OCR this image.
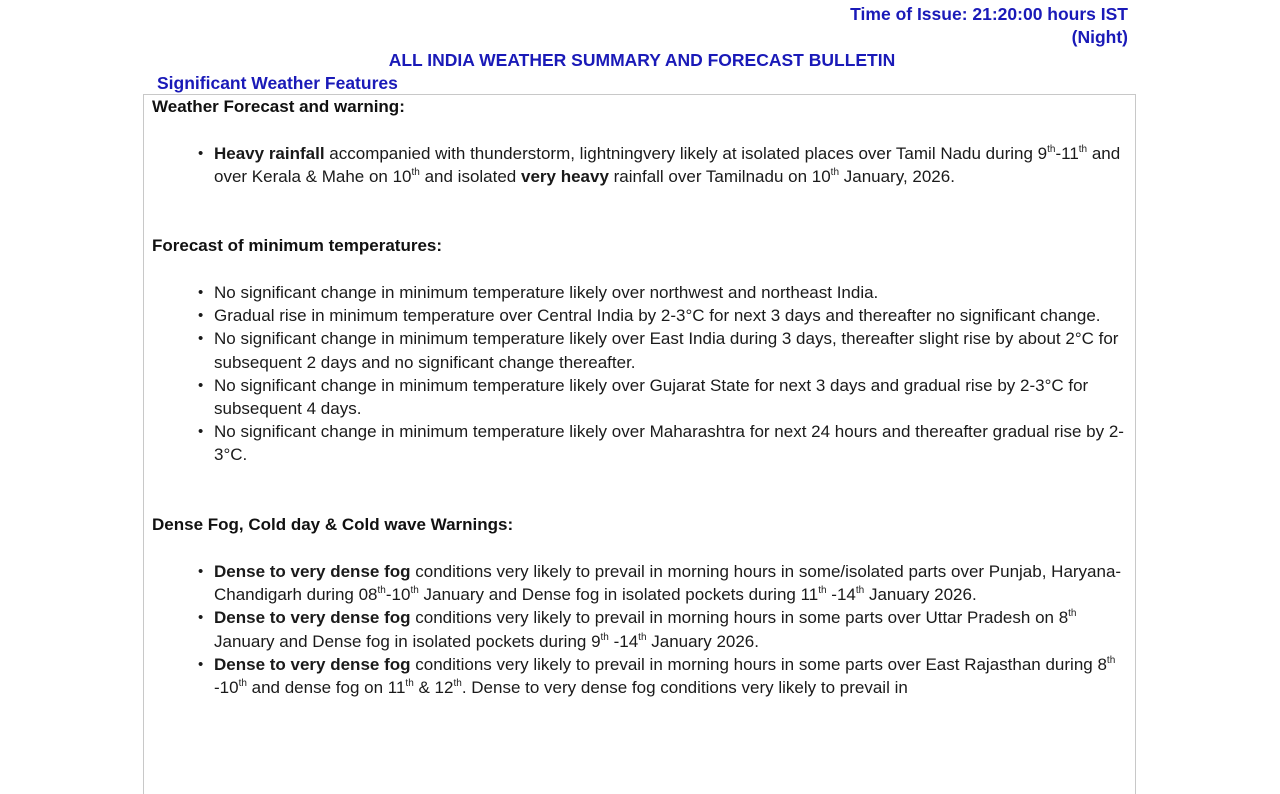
Time of Issue: 21:20:00 hours IST
(Night)
ALL INDIA WEATHER SUMMARY AND FORECAST BULLETIN
Significant Weather Features
Weather Forecast and warning:
• Heavy rainfall accompanied with thunderstorm, lightningvery likely at isolated places over Tamil Nadu during 9th-11th and over Kerala & Mahe on 10th and isolated very heavy rainfall over Tamilnadu on 10th January, 2026.
Forecast of minimum temperatures:
• No significant change in minimum temperature likely over northwest and northeast India.
• Gradual rise in minimum temperature over Central India by 2-3°C for next 3 days and thereafter no significant change.
• No significant change in minimum temperature likely over East India during 3 days, thereafter slight rise by about 2°C for subsequent 2 days and no significant change thereafter.
• No significant change in minimum temperature likely over Gujarat State for next 3 days and gradual rise by 2-3°C for subsequent 4 days.
• No significant change in minimum temperature likely over Maharashtra for next 24 hours and thereafter gradual rise by 2-3°C.
Dense Fog, Cold day & Cold wave Warnings:
• Dense to very dense fog conditions very likely to prevail in morning hours in some/isolated parts over Punjab, Haryana-Chandigarh during 08th-10th January and Dense fog in isolated pockets during 11th -14th January 2026.
• Dense to very dense fog conditions very likely to prevail in morning hours in some parts over Uttar Pradesh on 8th January and Dense fog in isolated pockets during 9th -14th January 2026.
• Dense to very dense fog conditions very likely to prevail in morning hours in some parts over East Rajasthan during 8th -10th and dense fog on 11th & 12th. Dense to very dense fog conditions very likely to prevail in
